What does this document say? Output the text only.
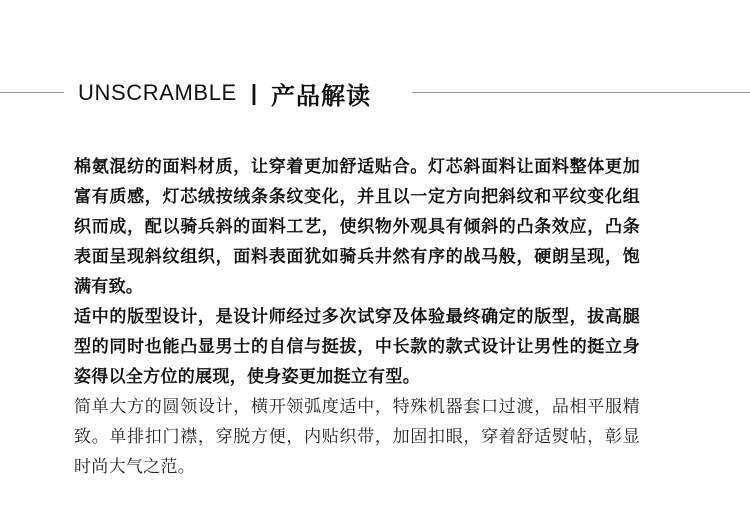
UNSCRAMBLE | 产品解读

棉氨混纺的面料材质，让穿着更加舒适贴合。灯芯斜面料让面料整体更加富有质感，灯芯绒按绒条条纹变化，并且以一定方向把斜纹和平纹变化组织而成，配以骑兵斜的面料工艺，使织物外观具有倾斜的凸条效应，凸条表面呈现斜纹组织，面料表面犹如骑兵井然有序的战马般，硬朗呈现，饱满有致。

适中的版型设计，是设计师经过多次试穿及体验最终确定的版型，拔高腿型的同时也能凸显男士的自信与挺拔，中长款的款式设计让男性的挺立身姿得以全方位的展现，使身姿更加挺立有型。

简单大方的圆领设计，横开领弧度适中，特殊机器套口过渡，品相平服精致。单排扣门襟，穿脱方便，内贴织带，加固扣眼，穿着舒适熨帖，彰显时尚大气之范。
